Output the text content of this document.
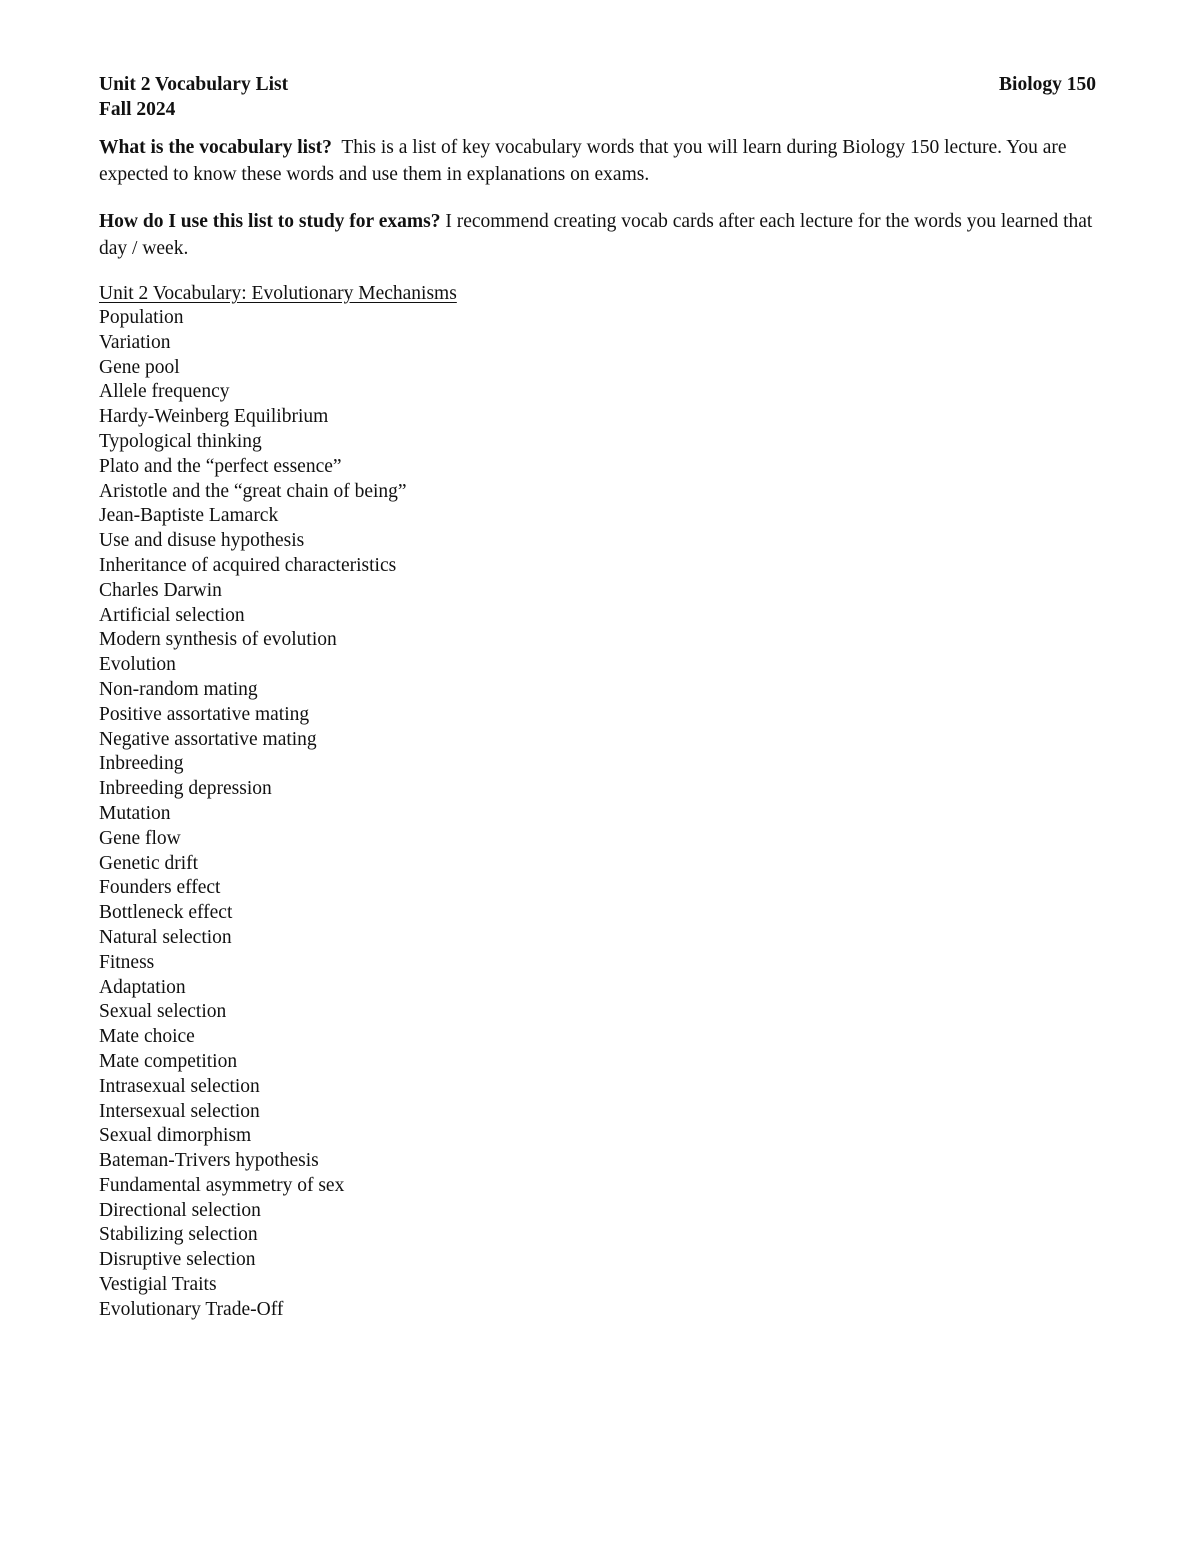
Unit 2 Vocabulary List	Biology 150
Fall 2024

What is the vocabulary list?  This is a list of key vocabulary words that you will learn during Biology 150 lecture. You are expected to know these words and use them in explanations on exams.

How do I use this list to study for exams? I recommend creating vocab cards after each lecture for the words you learned that day / week.

Unit 2 Vocabulary: Evolutionary Mechanisms
Population
Variation
Gene pool
Allele frequency
Hardy-Weinberg Equilibrium
Typological thinking
Plato and the “perfect essence”
Aristotle and the “great chain of being”
Jean-Baptiste Lamarck
Use and disuse hypothesis
Inheritance of acquired characteristics
Charles Darwin
Artificial selection
Modern synthesis of evolution
Evolution
Non-random mating
Positive assortative mating
Negative assortative mating
Inbreeding
Inbreeding depression
Mutation
Gene flow
Genetic drift
Founders effect
Bottleneck effect
Natural selection
Fitness
Adaptation
Sexual selection
Mate choice
Mate competition
Intrasexual selection
Intersexual selection
Sexual dimorphism
Bateman-Trivers hypothesis
Fundamental asymmetry of sex
Directional selection
Stabilizing selection
Disruptive selection
Vestigial Traits
Evolutionary Trade-Off
